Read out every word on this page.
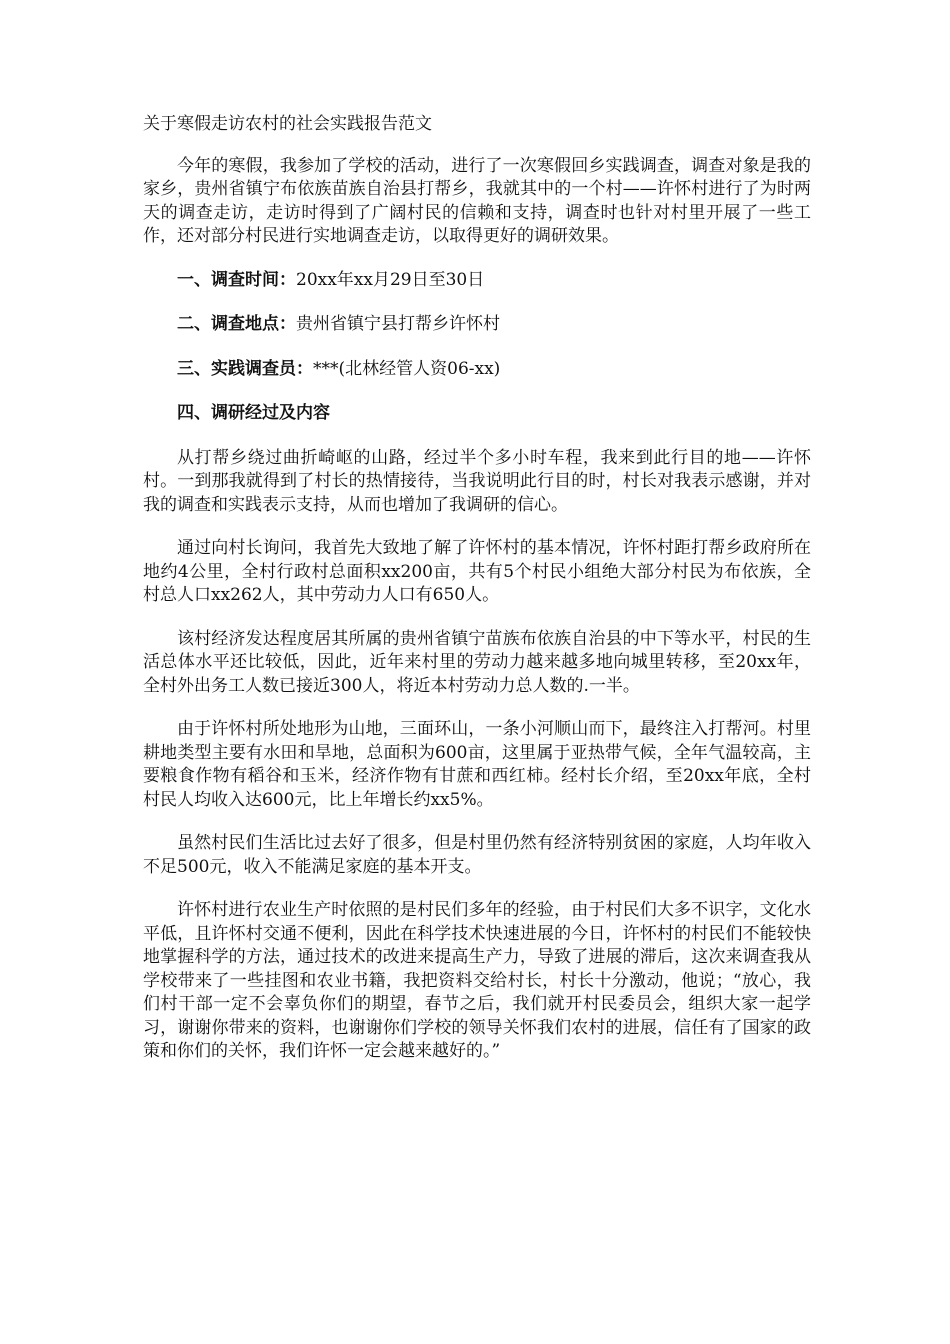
关于寒假走访农村的社会实践报告范文

今年的寒假，我参加了学校的活动，进行了一次寒假回乡实践调查，调查对象是我的家乡，贵州省镇宁布依族苗族自治县打帮乡，我就其中的一个村——许怀村进行了为时两天的调查走访，走访时得到了广阔村民的信赖和支持，调查时也针对村里开展了一些工作，还对部分村民进行实地调查走访，以取得更好的调研效果。

一、调查时间：20xx年xx月29日至30日

二、调查地点：贵州省镇宁县打帮乡许怀村

三、实践调查员：***(北林经管人资06-xx)

四、调研经过及内容

从打帮乡绕过曲折崎岖的山路，经过半个多小时车程，我来到此行目的地——许怀村。一到那我就得到了村长的热情接待，当我说明此行目的时，村长对我表示感谢，并对我的调查和实践表示支持，从而也增加了我调研的信心。

通过向村长询问，我首先大致地了解了许怀村的基本情况，许怀村距打帮乡政府所在地约4公里，全村行政村总面积xx200亩，共有5个村民小组绝大部分村民为布依族，全村总人口xx262人，其中劳动力人口有650人。

该村经济发达程度居其所属的贵州省镇宁苗族布依族自治县的中下等水平，村民的生活总体水平还比较低，因此，近年来村里的劳动力越来越多地向城里转移，至20xx年，全村外出务工人数已接近300人，将近本村劳动力总人数的.一半。

由于许怀村所处地形为山地，三面环山，一条小河顺山而下，最终注入打帮河。村里耕地类型主要有水田和旱地，总面积为600亩，这里属于亚热带气候，全年气温较高，主要粮食作物有稻谷和玉米，经济作物有甘蔗和西红柿。经村长介绍，至20xx年底，全村村民人均收入达600元，比上年增长约xx5%。

虽然村民们生活比过去好了很多，但是村里仍然有经济特别贫困的家庭，人均年收入不足500元，收入不能满足家庭的基本开支。

许怀村进行农业生产时依照的是村民们多年的经验，由于村民们大多不识字，文化水平低，且许怀村交通不便利，因此在科学技术快速进展的今日，许怀村的村民们不能较快地掌握科学的方法，通过技术的改进来提高生产力，导致了进展的滞后，这次来调查我从学校带来了一些挂图和农业书籍，我把资料交给村长，村长十分激动，他说；“放心，我们村干部一定不会辜负你们的期望，春节之后，我们就开村民委员会，组织大家一起学习，谢谢你带来的资料，也谢谢你们学校的领导关怀我们农村的进展，信任有了国家的政策和你们的关怀，我们许怀一定会越来越好的。”
